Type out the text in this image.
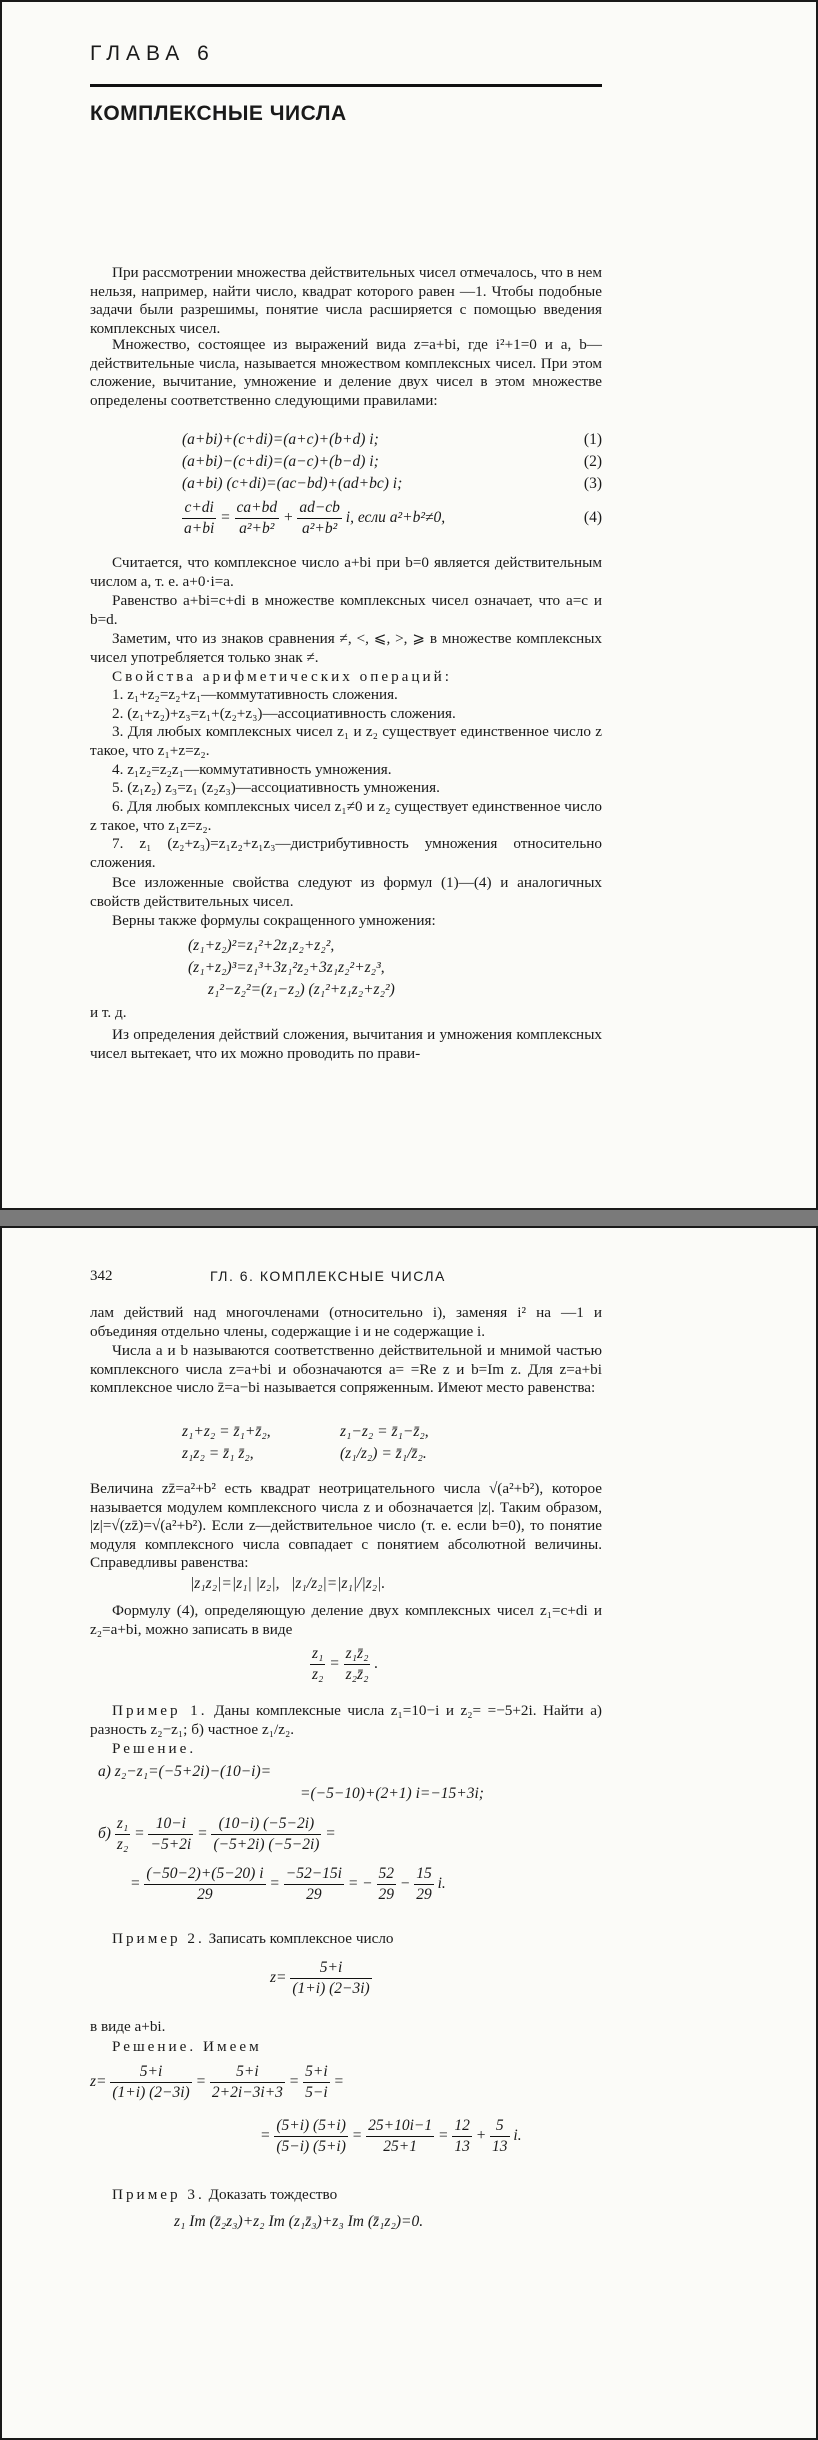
ГЛАВА 6
КОМПЛЕКСНЫЕ ЧИСЛА

При рассмотрении множества действительных чисел отмечалось, что в нем нельзя, например, найти число, квадрат которого равен —1. Чтобы подобные задачи были разрешимы, понятие числа расширяется с помощью введения комплексных чисел.

Множество, состоящее из выражений вида z=a+bi, где i²+1=0 и a, b—действительные числа, называется множеством комплексных чисел. При этом сложение, вычитание, умножение и деление двух чисел в этом множестве определены соответственно следующими правилами:

(a+bi)+(c+di)=(a+c)+(b+d) i;	(1)
(a+bi)−(c+di)=(a−c)+(b−d) i;	(2)
(a+bi) (c+di)=(ac−bd)+(ad+bc) i;	(3)
$\frac{c+di}{a+bi} = \frac{ca+bd}{\text{a²+b²}} + \frac{ad-cb}{\text{a²+b²}} i$, если a²+b²≠0,	(4)

Считается, что комплексное число a+bi при b=0 является действительным числом a, т. е. a+0·i=a.

Равенство a+bi=c+di в множестве комплексных чисел означает, что a=c и b=d.

Заметим, что из знаков сравнения ≠, <, ⩽, >, ⩾ в множестве комплексных чисел употребляется только знак ≠.

Свойства арифметических операций:

1. z₁+z₂=z₂+z₁—коммутативность сложения.

2. (z₁+z₂)+z₃=z₁+(z₂+z₃)—ассоциативность сложения.

3. Для любых комплексных чисел z₁ и z₂ существует единственное число z такое, что z₁+z=z₂.

4. z₁z₂=z₂z₁—коммутативность умножения.

5. (z₁z₂) z₃=z₁ (z₂z₃)—ассоциативность умножения.

6. Для любых комплексных чисел z₁≠0 и z₂ существует единственное число z такое, что z₁z=z₂.

7. z₁ (z₂+z₃)=z₁z₂+z₁z₃—дистрибутивность умножения относительно сложения.

Все изложенные свойства следуют из формул (1)—(4) и аналогичных свойств действительных чисел.

Верны также формулы сокращенного умножения:

(z₁+z₂)²=z₁²+2z₁z₂+z₂²,
(z₁+z₂)³=z₁³+3z₁²z₂+3z₁z₂²+z₂³,
z₁²−z₂²=(z₁−z₂) (z₁²+z₁z₂+z₂²)

и т. д.

Из определения действий сложения, вычитания и умножения комплексных чисел вытекает, что их можно проводить по прави-

342	ГЛ. 6. КОМПЛЕКСНЫЕ ЧИСЛА

лам действий над многочленами (относительно i), заменяя i² на —1 и объединяя отдельно члены, содержащие i и не содержащие i.

Числа a и b называются соответственно действительной и мнимой частью комплексного числа z=a+bi и обозначаются a= =Re z и b=Im z. Для z=a+bi комплексное число z̄=a−bi называется сопряженным. Имеют место равенства:

z₁+z₂ = z̄₁+z̄₂,	z₁−z₂ = z̄₁−z̄₂,
z₁z₂ = z̄₁ z̄₂,	(z₁/z₂) = z̄₁/z̄₂.

Величина zz̄=a²+b² есть квадрат неотрицательного числа √(a²+b²), которое называется модулем комплексного числа z и обозначается |z|. Таким образом, |z|=√(zz̄)=√(a²+b²). Если z—действительное число (т. е. если b=0), то понятие модуля комплексного числа совпадает с понятием абсолютной величины. Справедливы равенства:

|z₁z₂|=|z₁| |z₂|,   |z₁/z₂|=|z₁|/|z₂|.

Формулу (4), определяющую деление двух комплексных чисел z₁=c+di и z₂=a+bi, можно записать в виде

$\frac{\text{z₁}}{\text{z₂}} = \frac{\text{z₁z̄₂}}{\text{z₂z̄₂}}$ .
Пример 1. Даны комплексные числа z₁=10−i и z₂= =−5+2i. Найти а) разность z₂−z₁; б) частное z₁/z₂.

Решение.

а) z₂−z₁=(−5+2i)−(10−i)=
=(−5−10)+(2+1) i=−15+3i;
$б) \frac{\text{z₁}}{\text{z₂}} = \frac{10-i}{-5+2i} = \frac{(10-i) (-5-2i)}{(-5+2i) (-5-2i)}$ =
= $\frac{(-50-2)+(5-20) i}{29} = \frac{-52-15i}{29}$ = − $\frac{52}{29} - \frac{15}{29} i$.
Пример 2. Записать комплексное число
$z= \frac{5+i}{(1+i) (2-3i)}$

в виде a+bi.

Решение. Имеем

$z= \frac{5+i}{(1+i) (2-3i)} = \frac{5+i}{2+2i-3i+3} = \frac{5+i}{5-i}$ =
= $\frac{(5+i) (5+i)}{(5-i) (5+i)} = \frac{25+10i-1}{25+1} = \frac{12}{13} + \frac{5}{13} i$.
Пример 3. Доказать тождество
z₁ Im (z̄₂z₃)+z₂ Im (z₁z̄₃)+z₃ Im (z̄₁z₂)=0.
